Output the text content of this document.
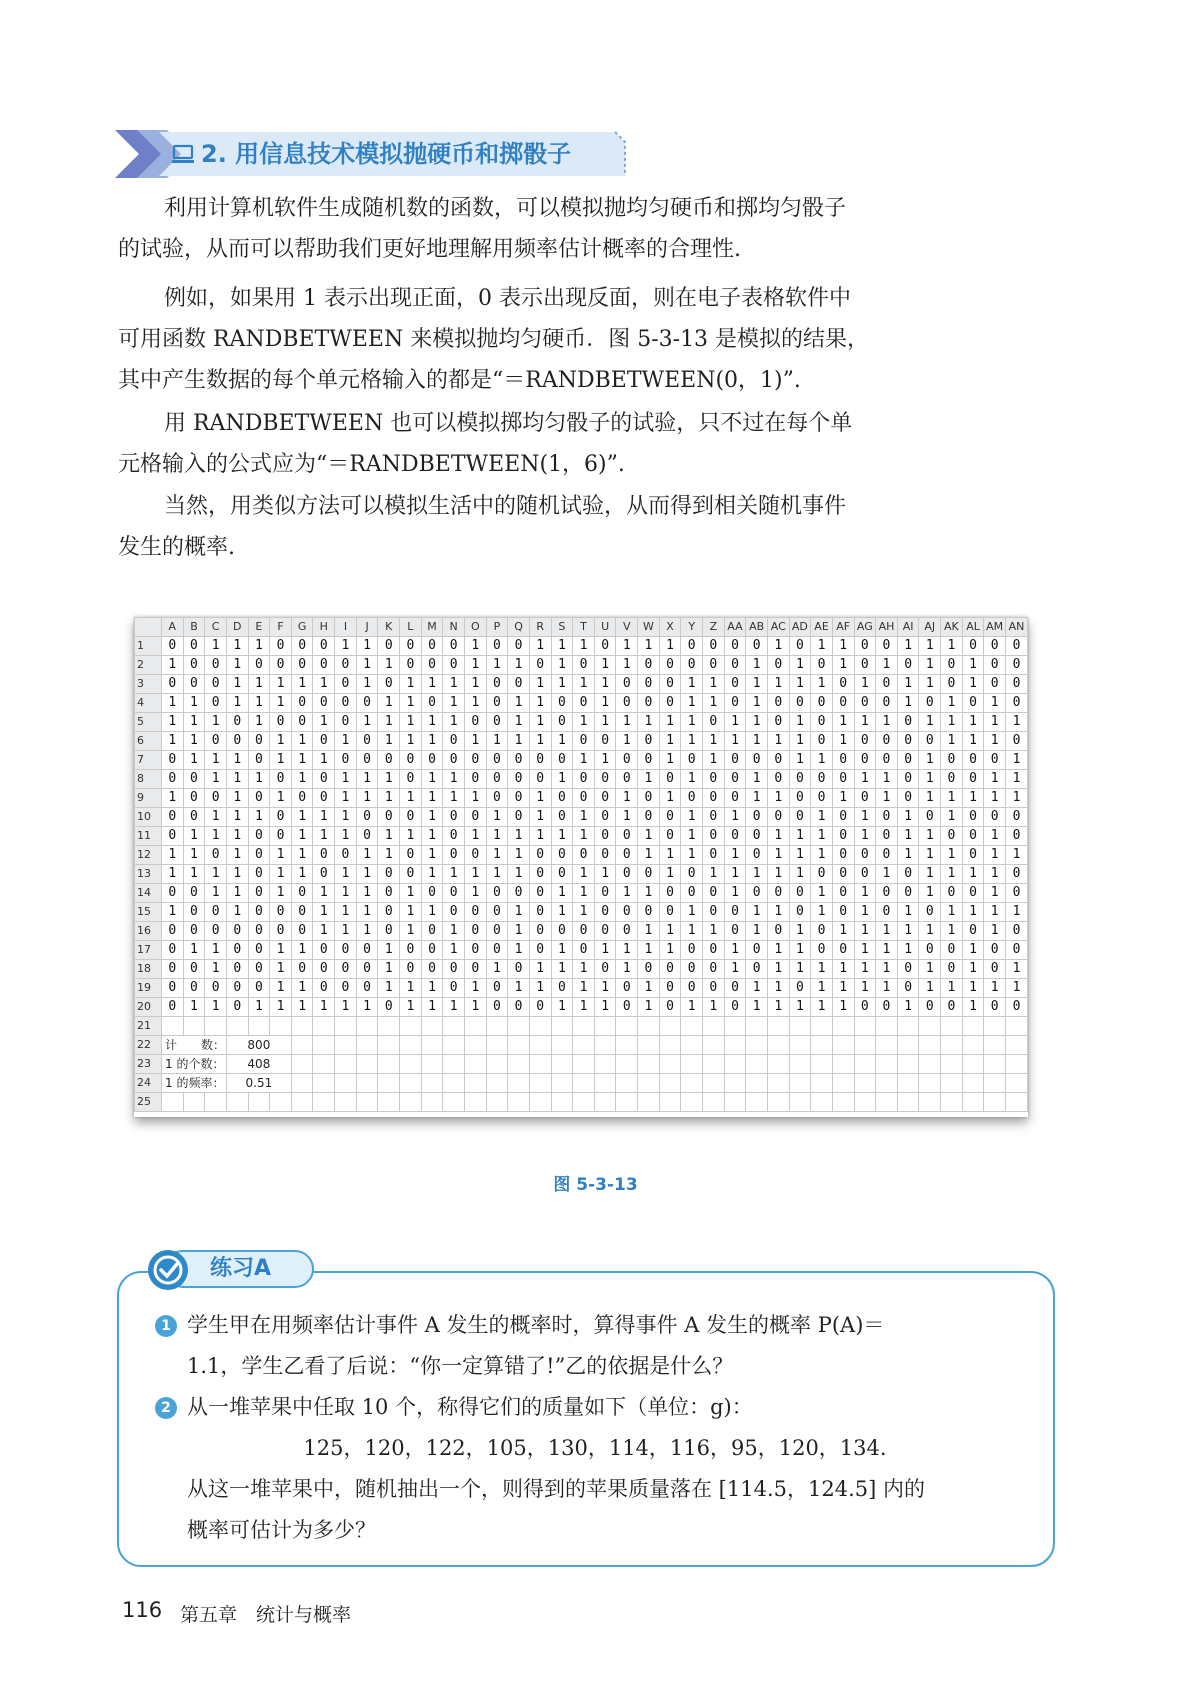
2. 用信息技术模拟抛硬币和掷骰子

利用计算机软件生成随机数的函数，可以模拟抛均匀硬币和掷均匀骰子
的试验，从而可以帮助我们更好地理解用频率估计概率的合理性.

例如，如果用 1 表示出现正面，0 表示出现反面，则在电子表格软件中
可用函数 RANDBETWEEN 来模拟抛均匀硬币．图 5-3-13 是模拟的结果，
其中产生数据的每个单元格输入的都是“＝RANDBETWEEN(0，1)”.

用 RANDBETWEEN 也可以模拟掷均匀骰子的试验，只不过在每个单
元格输入的公式应为“＝RANDBETWEEN(1，6)”.

当然，用类似方法可以模拟生活中的随机试验，从而得到相关随机事件
发生的概率.

	A	B	C	D	E	F	G	H	I	J	K	L	M	N	O	P	Q	R	S	T	U	V	W	X	Y	Z	AA	AB	AC	AD	AE	AF	AG	AH	AI	AJ	AK	AL	AM	AN
1	0	0	1	1	1	0	0	0	1	1	0	0	0	0	1	0	0	1	1	1	0	1	1	1	0	0	0	0	1	0	1	1	0	0	1	1	1	0	0	0
2	1	0	0	1	0	0	0	0	0	1	1	0	0	0	1	1	1	0	1	0	1	1	0	0	0	0	0	1	0	1	0	1	0	1	0	1	0	1	0	0
3	0	0	0	1	1	1	1	1	0	1	0	1	1	1	1	0	0	1	1	1	1	0	0	0	1	1	0	1	1	1	1	0	1	0	1	1	0	1	0	0
4	1	1	0	1	1	1	0	0	0	0	1	1	0	1	1	0	1	1	0	0	1	0	0	0	1	1	0	1	0	0	0	0	0	0	1	0	1	0	1	0
5	1	1	1	0	1	0	0	1	0	1	1	1	1	1	0	0	1	1	0	1	1	1	1	1	1	0	1	1	0	1	0	1	1	1	0	1	1	1	1	1
6	1	1	0	0	0	1	1	0	1	0	1	1	1	0	1	1	1	1	1	0	0	1	0	1	1	1	1	1	1	1	0	1	0	0	0	0	1	1	1	0
7	0	1	1	1	0	1	1	1	0	0	0	0	0	0	0	0	0	0	0	1	1	0	0	1	0	1	0	0	0	1	1	0	0	0	0	1	0	0	0	1
8	0	0	1	1	1	0	1	0	1	1	1	0	1	1	0	0	0	0	1	0	0	0	1	0	1	0	0	1	0	0	0	0	1	1	0	1	0	0	1	1
9	1	0	0	1	0	1	0	0	1	1	1	1	1	1	1	0	0	1	0	0	0	1	0	1	0	0	0	1	1	0	0	1	0	1	0	1	1	1	1	1
10	0	0	1	1	1	0	1	1	1	0	0	0	1	0	0	1	0	1	0	1	0	1	0	0	1	0	1	0	0	0	1	0	1	0	1	0	1	0	0	0
11	0	1	1	1	0	0	1	1	1	0	1	1	1	0	1	1	1	1	1	1	0	0	1	0	1	0	0	0	1	1	1	0	1	0	1	1	0	0	1	0
12	1	1	0	1	0	1	1	0	0	1	1	0	1	0	0	1	1	0	0	0	0	0	1	1	1	0	1	0	1	1	1	0	0	0	1	1	1	0	1	1
13	1	1	1	1	0	1	1	0	1	1	0	0	1	1	1	1	1	0	0	1	1	0	0	1	0	1	1	1	1	1	0	0	0	1	0	1	1	1	1	0
14	0	0	1	1	0	1	0	1	1	1	0	1	0	0	1	0	0	0	1	1	0	1	1	0	0	0	1	0	0	0	1	0	1	0	0	1	0	0	1	0
15	1	0	0	1	0	0	0	1	1	1	0	1	1	0	0	0	1	0	1	1	0	0	0	0	1	0	0	1	1	0	1	0	1	0	1	0	1	1	1	1
16	0	0	0	0	0	0	0	1	1	1	0	1	0	1	0	0	1	0	0	0	0	0	1	1	1	1	0	1	0	1	0	1	1	1	1	1	1	0	1	0
17	0	1	1	0	0	1	1	0	0	0	1	0	0	1	0	0	1	0	1	0	1	1	1	1	0	0	1	0	1	1	0	0	1	1	1	0	0	1	0	0
18	0	0	1	0	0	1	0	0	0	0	1	0	0	0	0	1	0	1	1	1	0	1	0	0	0	0	1	0	1	1	1	1	1	1	0	1	0	1	0	1
19	0	0	0	0	0	1	1	0	0	0	1	1	1	0	1	0	1	1	0	1	1	0	1	0	0	0	0	1	1	0	1	1	1	1	0	1	1	1	1	1
20	0	1	1	0	1	1	1	1	1	1	0	1	1	1	1	0	0	0	1	1	1	0	1	0	1	1	0	1	1	1	1	1	0	0	1	0	0	1	0	0
21																																								
22	计　　数：			800																																				
23	1 的个数：			408																																				
24	1 的频率：			0.51																																				
25																																								
图 5-3-13
练习A

1 学生甲在用频率估计事件 A 发生的概率时，算得事件 A 发生的概率 P(A)＝
1.1，学生乙看了后说：“你一定算错了!”乙的依据是什么？

2 从一堆苹果中任取 10 个，称得它们的质量如下（单位：g)：
125，120，122，105，130，114，116，95，120，134.
从这一堆苹果中，随机抽出一个，则得到的苹果质量落在 [114.5，124.5] 内的
概率可估计为多少？

116 第五章　统计与概率
